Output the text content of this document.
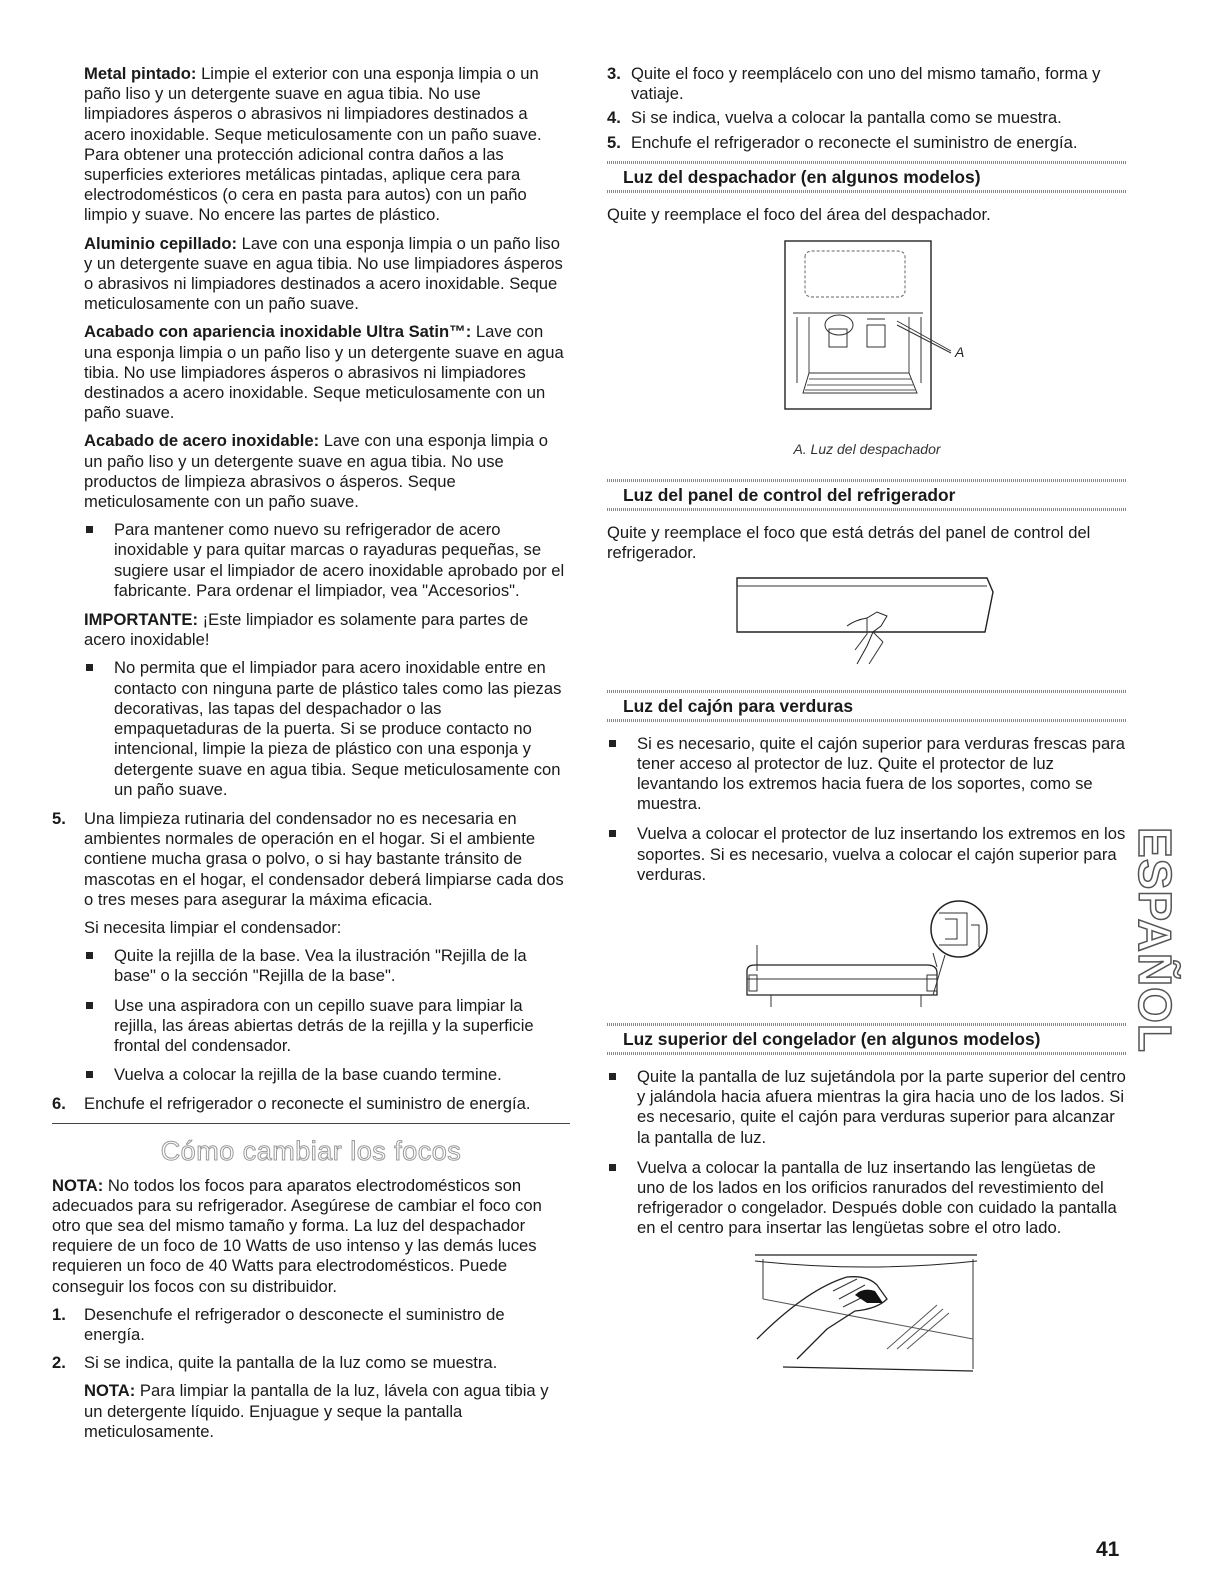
Metal pintado: Limpie el exterior con una esponja limpia o un paño liso y un detergente suave en agua tibia. No use limpiadores ásperos o abrasivos ni limpiadores destinados a acero inoxidable. Seque meticulosamente con un paño suave. Para obtener una protección adicional contra daños a las superficies exteriores metálicas pintadas, aplique cera para electrodomésticos (o cera en pasta para autos) con un paño limpio y suave. No encere las partes de plástico.

Aluminio cepillado: Lave con una esponja limpia o un paño liso y un detergente suave en agua tibia. No use limpiadores ásperos o abrasivos ni limpiadores destinados a acero inoxidable. Seque meticulosamente con un paño suave.

Acabado con apariencia inoxidable Ultra Satin™: Lave con una esponja limpia o un paño liso y un detergente suave en agua tibia. No use limpiadores ásperos o abrasivos ni limpiadores destinados a acero inoxidable. Seque meticulosamente con un paño suave.

Acabado de acero inoxidable: Lave con una esponja limpia o un paño liso y un detergente suave en agua tibia. No use productos de limpieza abrasivos o ásperos. Seque meticulosamente con un paño suave.

Para mantener como nuevo su refrigerador de acero inoxidable y para quitar marcas o rayaduras pequeñas, se sugiere usar el limpiador de acero inoxidable aprobado por el fabricante. Para ordenar el limpiador, vea "Accesorios".

IMPORTANTE: ¡Este limpiador es solamente para partes de acero inoxidable!

No permita que el limpiador para acero inoxidable entre en contacto con ninguna parte de plástico tales como las piezas decorativas, las tapas del despachador o las empaquetaduras de la puerta. Si se produce contacto no intencional, limpie la pieza de plástico con una esponja y detergente suave en agua tibia. Seque meticulosamente con un paño suave.
5. Una limpieza rutinaria del condensador no es necesaria en ambientes normales de operación en el hogar. Si el ambiente contiene mucha grasa o polvo, o si hay bastante tránsito de mascotas en el hogar, el condensador deberá limpiarse cada dos o tres meses para asegurar la máxima eficacia.

Si necesita limpiar el condensador:

Quite la rejilla de la base. Vea la ilustración "Rejilla de la base" o la sección "Rejilla de la base".
Use una aspiradora con un cepillo suave para limpiar la rejilla, las áreas abiertas detrás de la rejilla y la superficie frontal del condensador.
Vuelva a colocar la rejilla de la base cuando termine.
6. Enchufe el refrigerador o reconecte el suministro de energía.
Cómo cambiar los focos

NOTA: No todos los focos para aparatos electrodomésticos son adecuados para su refrigerador. Asegúrese de cambiar el foco con otro que sea del mismo tamaño y forma. La luz del despachador requiere de un foco de 10 Watts de uso intenso y las demás luces requieren un foco de 40 Watts para electrodomésticos. Puede conseguir los focos con su distribuidor.

1. Desenchufe el refrigerador o desconecte el suministro de energía.
2. Si se indica, quite la pantalla de la luz como se muestra.

NOTA: Para limpiar la pantalla de la luz, lávela con agua tibia y un detergente líquido. Enjuague y seque la pantalla meticulosamente.

3. Quite el foco y reemplácelo con uno del mismo tamaño, forma y vatiaje.
4. Si se indica, vuelva a colocar la pantalla como se muestra.
5. Enchufe el refrigerador o reconecte el suministro de energía.
Luz del despachador (en algunos modelos)

Quite y reemplace el foco del área del despachador.

A
A. Luz del despachador
Luz del panel de control del refrigerador

Quite y reemplace el foco que está detrás del panel de control del refrigerador.

Luz del cajón para verduras
Si es necesario, quite el cajón superior para verduras frescas para tener acceso al protector de luz. Quite el protector de luz levantando los extremos hacia fuera de los soportes, como se muestra.
Vuelva a colocar el protector de luz insertando los extremos en los soportes. Si es necesario, vuelva a colocar el cajón superior para verduras.
Luz superior del congelador (en algunos modelos)
Quite la pantalla de luz sujetándola por la parte superior del centro y jalándola hacia afuera mientras la gira hacia uno de los lados. Si es necesario, quite el cajón para verduras superior para alcanzar la pantalla de luz.
Vuelva a colocar la pantalla de luz insertando las lengüetas de uno de los lados en los orificios ranurados del revestimiento del refrigerador o congelador. Después doble con cuidado la pantalla en el centro para insertar las lengüetas sobre el otro lado.
ESPAÑOL
41
